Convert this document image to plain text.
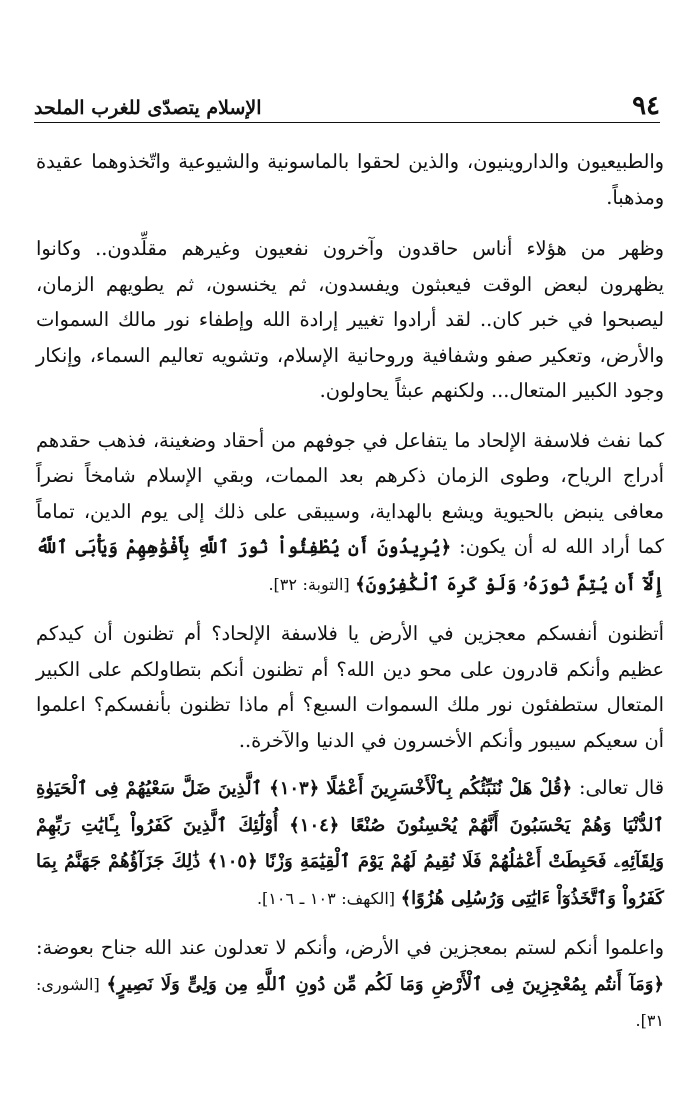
٩٤
الإسلام يتصدّى للغرب الملحد

والطبيعيون والداروينيون، والذين لحقوا بالماسونية والشيوعية واتّخذوهما عقيدة ومذهباً.

وظهر من هؤلاء أناس حاقدون وآخرون نفعيون وغيرهم مقلِّدون.. وكانوا يظهرون لبعض الوقت فيعبثون ويفسدون، ثم يخنسون، ثم يطويهم الزمان، ليصبحوا في خبر كان.. لقد أرادوا تغيير إرادة الله وإطفاء نور مالك السموات والأرض، وتعكير صفو وشفافية وروحانية الإسلام، وتشويه تعاليم السماء، وإنكار وجود الكبير المتعال... ولكنهم عبثاً يحاولون.

كما نفث فلاسفة الإلحاد ما يتفاعل في جوفهم من أحقاد وضغينة، فذهب حقدهم أدراج الرياح، وطوى الزمان ذكرهم بعد الممات، وبقي الإسلام شامخاً نضراً معافى ينبض بالحيوية ويشع بالهداية، وسيبقى على ذلك إلى يوم الدين، تماماً كما أراد الله له أن يكون: ﴿يُرِيدُونَ أَن يُطْفِئُواْ نُورَ ٱللَّهِ بِأَفْوَٰهِهِمْ وَيَأْبَى ٱللَّهُ إِلَّآ أَن يُتِمَّ نُورَهُۥ وَلَوْ كَرِهَ ٱلْكَٰفِرُونَ﴾ [التوبة: ٣٢].

أتظنون أنفسكم معجزين في الأرض يا فلاسفة الإلحاد؟ أم تظنون أن كيدكم عظيم وأنكم قادرون على محو دين الله؟ أم تظنون أنكم بتطاولكم على الكبير المتعال ستطفئون نور ملك السموات السبع؟ أم ماذا تظنون بأنفسكم؟ اعلموا أن سعيكم سيبور وأنكم الأخسرون في الدنيا والآخرة..

قال تعالى: ﴿قُلْ هَلْ نُنَبِّئُكُم بِٱلْأَخْسَرِينَ أَعْمَٰلًا ﴿١٠٣﴾ ٱلَّذِينَ ضَلَّ سَعْيُهُمْ فِى ٱلْحَيَوٰةِ ٱلدُّنْيَا وَهُمْ يَحْسَبُونَ أَنَّهُمْ يُحْسِنُونَ صُنْعًا ﴿١٠٤﴾ أُوْلَٰٓئِكَ ٱلَّذِينَ كَفَرُواْ بِـَٔايَٰتِ رَبِّهِمْ وَلِقَآئِهِۦ فَحَبِطَتْ أَعْمَٰلُهُمْ فَلَا نُقِيمُ لَهُمْ يَوْمَ ٱلْقِيَٰمَةِ وَزْنًا ﴿١٠٥﴾ ذَٰلِكَ جَزَآؤُهُمْ جَهَنَّمُ بِمَا كَفَرُواْ وَٱتَّخَذُوٓاْ ءَايَٰتِى وَرُسُلِى هُزُوًا﴾ [الكهف: ١٠٣ ـ ١٠٦].

واعلموا أنكم لستم بمعجزين في الأرض، وأنكم لا تعدلون عند الله جناح بعوضة: ﴿وَمَآ أَنتُم بِمُعْجِزِينَ فِى ٱلْأَرْضِ وَمَا لَكُم مِّن دُونِ ٱللَّهِ مِن وَلِىٍّ وَلَا نَصِيرٍ﴾ [الشورى: ٣١].
